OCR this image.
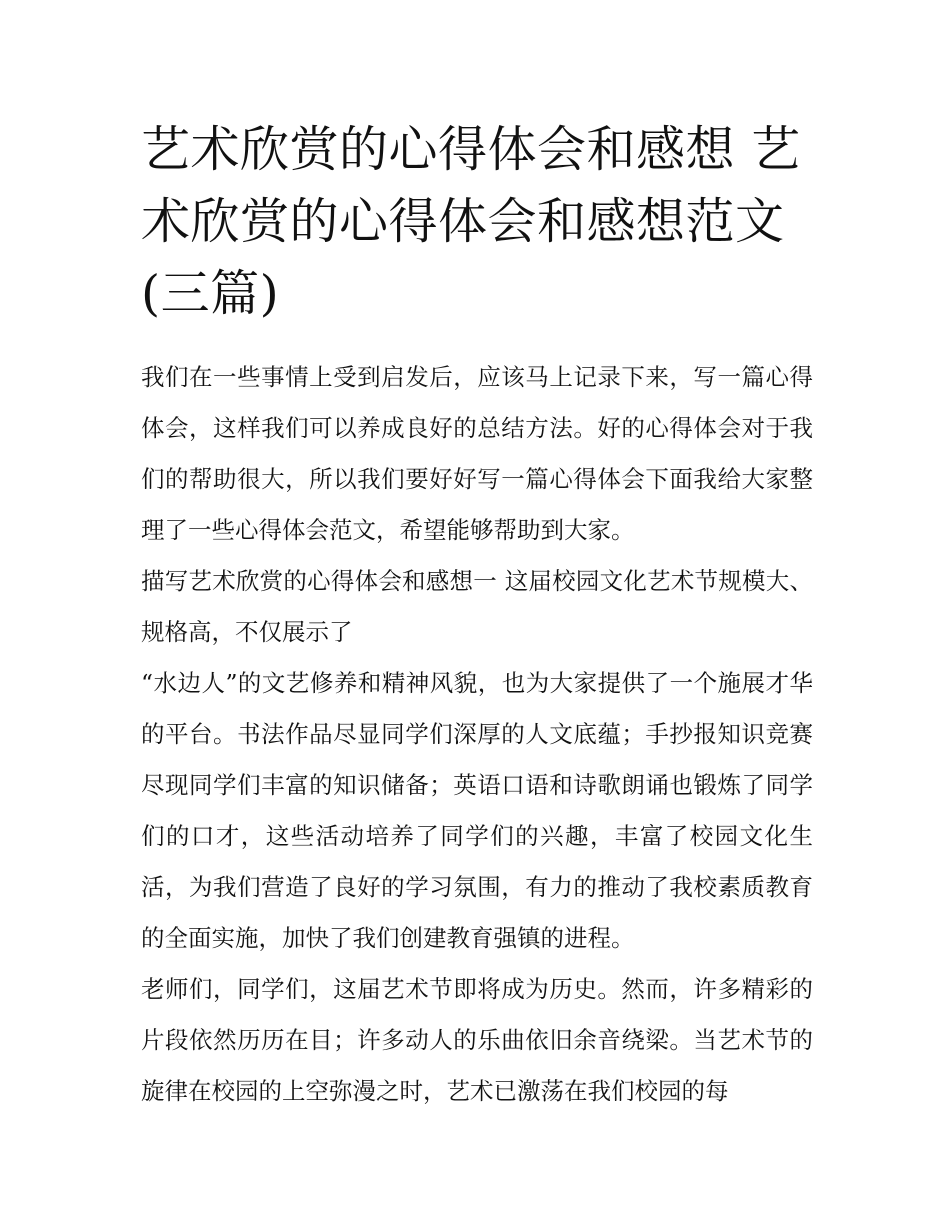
艺术欣赏的心得体会和感想 艺术欣赏的心得体会和感想范文(三篇)

我们在一些事情上受到启发后，应该马上记录下来，写一篇心得体会，这样我们可以养成良好的总结方法。好的心得体会对于我们的帮助很大，所以我们要好好写一篇心得体会下面我给大家整理了一些心得体会范文，希望能够帮助到大家。

描写艺术欣赏的心得体会和感想一 这届校园文化艺术节规模大、规格高，不仅展示了

“水边人”的文艺修养和精神风貌，也为大家提供了一个施展才华的平台。书法作品尽显同学们深厚的人文底蕴；手抄报知识竞赛尽现同学们丰富的知识储备；英语口语和诗歌朗诵也锻炼了同学们的口才，这些活动培养了同学们的兴趣，丰富了校园文化生活，为我们营造了良好的学习氛围，有力的推动了我校素质教育的全面实施，加快了我们创建教育强镇的进程。

老师们，同学们，这届艺术节即将成为历史。然而，许多精彩的片段依然历历在目；许多动人的乐曲依旧余音绕梁。当艺术节的旋律在校园的上空弥漫之时，艺术已激荡在我们校园的每
